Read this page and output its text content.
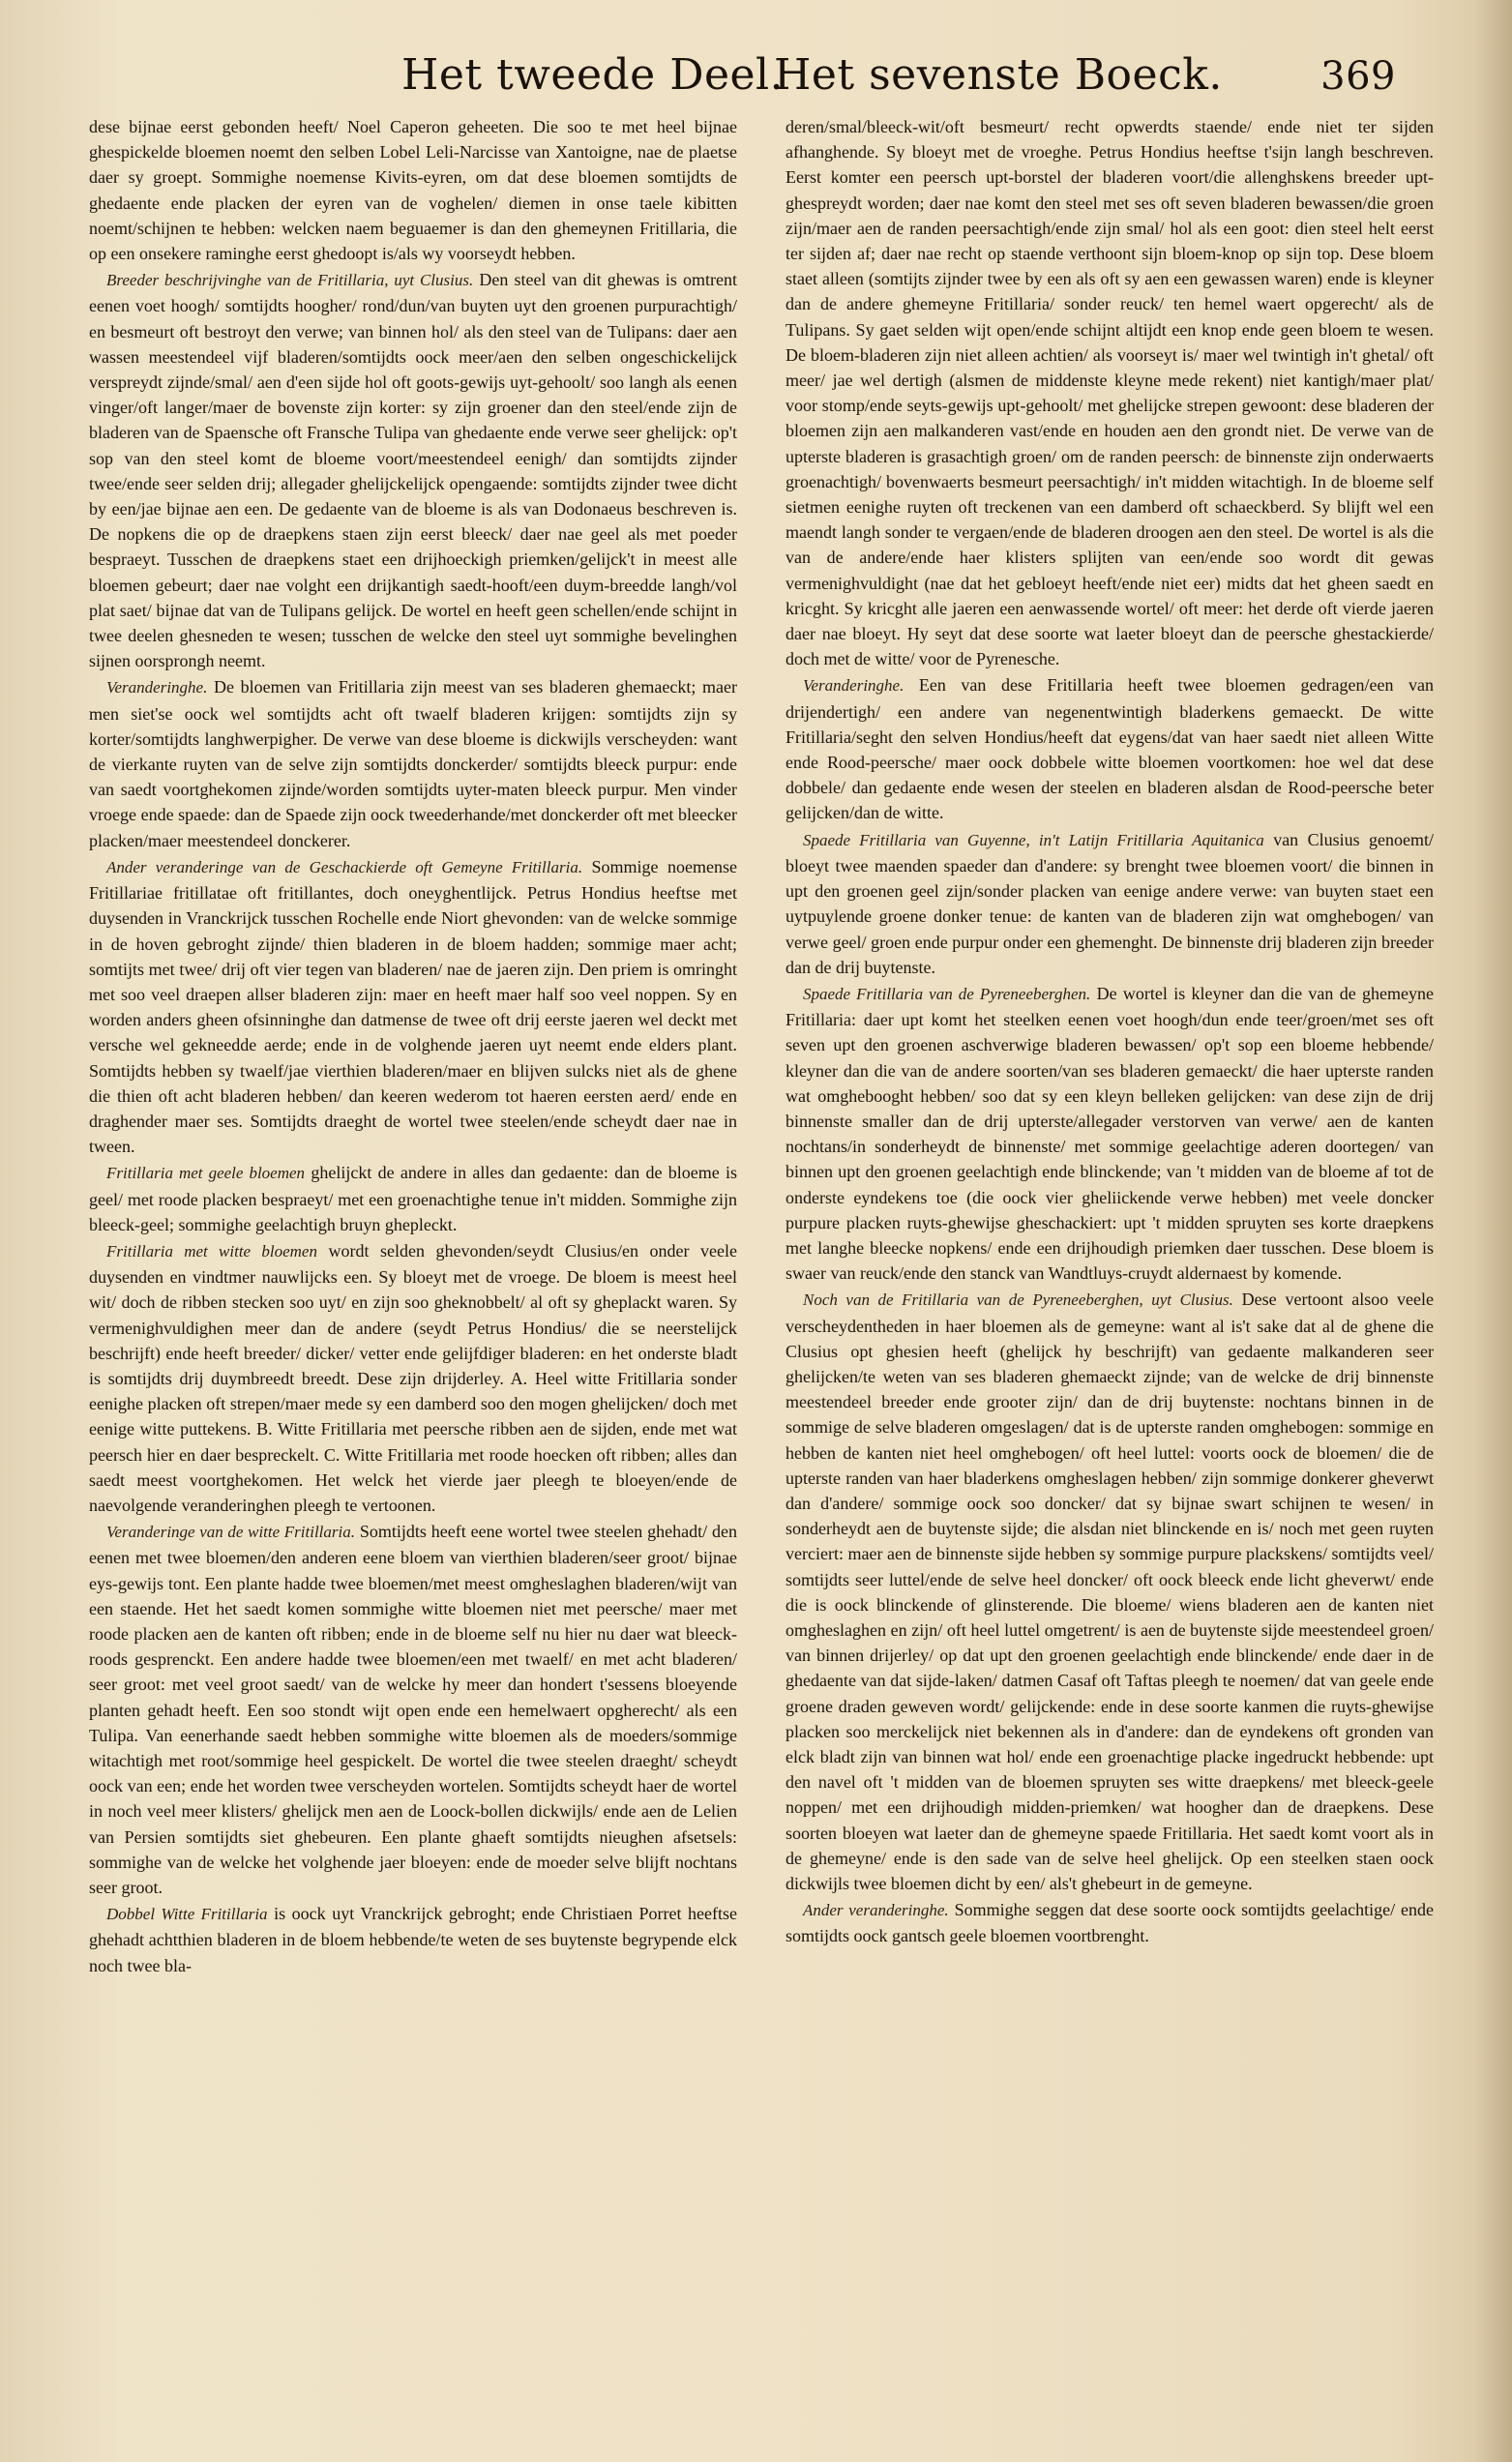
Het tweede Deel.
Het sevenste Boeck.	369

dese bijnae eerst gebonden heeft/ Noel Caperon geheeten. Die soo te met heel bijnae ghespickelde bloemen noemt den selben Lobel Leli-Narcisse van Xantoigne, nae de plaetse daer sy groept. Sommighe noemense Kivits-eyren, om dat dese bloemen somtijdts de ghedaente ende placken der eyren van de voghelen/ diemen in onse taele kibitten noemt/schijnen te hebben: welcken naem beguaemer is dan den ghemeynen Fritillaria, die op een onsekere raminghe eerst ghedoopt is/als wy voorseydt hebben.

Breeder beschrijvinghe van de Fritillaria, uyt Clusius. Den steel van dit ghewas is omtrent eenen voet hoogh/ somtijdts hoogher/ rond/dun/van buyten uyt den groenen purpurachtigh/ en besmeurt oft bestroyt den verwe; van binnen hol/ als den steel van de Tulipans: daer aen wassen meestendeel vijf bladeren/somtijdts oock meer/aen den selben ongeschickelijck verspreydt zijnde/smal/ aen d'een sijde hol oft goots-gewijs uyt-gehoolt/ soo langh als eenen vinger/oft langer/maer de bovenste zijn korter: sy zijn groener dan den steel/ende zijn de bladeren van de Spaensche oft Fransche Tulipa van ghedaente ende verwe seer ghelijck: op't sop van den steel komt de bloeme voort/meestendeel eenigh/ dan somtijdts zijnder twee/ende seer selden drij; allegader ghelijckelijck opengaende: somtijdts zijnder twee dicht by een/jae bijnae aen een. De gedaente van de bloeme is als van Dodonaeus beschreven is. De nopkens die op de draepkens staen zijn eerst bleeck/ daer nae geel als met poeder bespraeyt. Tusschen de draepkens staet een drijhoeckigh priemken/gelijck't in meest alle bloemen gebeurt; daer nae volght een drijkantigh saedt-hooft/een duym-breedde langh/vol plat saet/ bijnae dat van de Tulipans gelijck. De wortel en heeft geen schellen/ende schijnt in twee deelen ghesneden te wesen; tusschen de welcke den steel uyt sommighe bevelinghen sijnen oorsprongh neemt.

Veranderinghe. De bloemen van Fritillaria zijn meest van ses bladeren ghemaeckt; maer men siet'se oock wel somtijdts acht oft twaelf bladeren krijgen: somtijdts zijn sy korter/somtijdts langhwerpigher. De verwe van dese bloeme is dickwijls verscheyden: want de vierkante ruyten van de selve zijn somtijdts donckerder/ somtijdts bleeck purpur: ende van saedt voortghekomen zijnde/worden somtijdts uyter-maten bleeck purpur. Men vinder vroege ende spaede: dan de Spaede zijn oock tweederhande/met donckerder oft met bleecker placken/maer meestendeel donckerer.

Ander veranderinge van de Geschackierde oft Gemeyne Fritillaria. Sommige noemense Fritillariae fritillatae oft fritillantes, doch oneyghentlijck. Petrus Hondius heeftse met duysenden in Vranckrijck tusschen Rochelle ende Niort ghevonden: van de welcke sommige in de hoven gebroght zijnde/ thien bladeren in de bloem hadden; sommige maer acht; somtijts met twee/ drij oft vier tegen van bladeren/ nae de jaeren zijn. Den priem is omringht met soo veel draepen allser bladeren zijn: maer en heeft maer half soo veel noppen. Sy en worden anders gheen ofsinninghe dan datmense de twee oft drij eerste jaeren wel deckt met versche wel gekneedde aerde; ende in de volghende jaeren uyt neemt ende elders plant. Somtijdts hebben sy twaelf/jae vierthien bladeren/maer en blijven sulcks niet als de ghene die thien oft acht bladeren hebben/ dan keeren wederom tot haeren eersten aerd/ ende en draghender maer ses. Somtijdts draeght de wortel twee steelen/ende scheydt daer nae in tween.

Fritillaria met geele bloemen ghelijckt de andere in alles dan gedaente: dan de bloeme is geel/ met roode placken bespraeyt/ met een groenachtighe tenue in't midden. Sommighe zijn bleeck-geel; sommighe geelachtigh bruyn ghepleckt.

Fritillaria met witte bloemen wordt selden ghevonden/seydt Clusius/en onder veele duysenden en vindtmer nauwlijcks een. Sy bloeyt met de vroege. De bloem is meest heel wit/ doch de ribben stecken soo uyt/ en zijn soo gheknobbelt/ al oft sy gheplackt waren. Sy vermenighvuldighen meer dan de andere (seydt Petrus Hondius/ die se neerstelijck beschrijft) ende heeft breeder/ dicker/ vetter ende gelijfdiger bladeren: en het onderste bladt is somtijdts drij duymbreedt breedt. Dese zijn drijderley. A. Heel witte Fritillaria sonder eenighe placken oft strepen/maer mede sy een damberd soo den mogen ghelijcken/ doch met eenige witte puttekens. B. Witte Fritillaria met peersche ribben aen de sijden, ende met wat peersch hier en daer bespreckelt. C. Witte Fritillaria met roode hoecken oft ribben; alles dan saedt meest voortghekomen. Het welck het vierde jaer pleegh te bloeyen/ende de naevolgende veranderinghen pleegh te vertoonen.

Veranderinge van de witte Fritillaria. Somtijdts heeft eene wortel twee steelen ghehadt/ den eenen met twee bloemen/den anderen eene bloem van vierthien bladeren/seer groot/ bijnae eys-gewijs tont. Een plante hadde twee bloemen/met meest omgheslaghen bladeren/wijt van een staende. Het het saedt komen sommighe witte bloemen niet met peersche/ maer met roode placken aen de kanten oft ribben; ende in de bloeme self nu hier nu daer wat bleeck-roods gesprenckt. Een andere hadde twee bloemen/een met twaelf/ en met acht bladeren/ seer groot: met veel groot saedt/ van de welcke hy meer dan hondert t'sessens bloeyende planten gehadt heeft. Een soo stondt wijt open ende een hemelwaert opgherecht/ als een Tulipa. Van eenerhande saedt hebben sommighe witte bloemen als de moeders/sommige witachtigh met root/sommige heel gespickelt. De wortel die twee steelen draeght/ scheydt oock van een; ende het worden twee verscheyden wortelen. Somtijdts scheydt haer de wortel in noch veel meer klisters/ ghelijck men aen de Loock-bollen dickwijls/ ende aen de Lelien van Persien somtijdts siet ghebeuren. Een plante ghaeft somtijdts nieughen afsetsels: sommighe van de welcke het volghende jaer bloeyen: ende de moeder selve blijft nochtans seer groot.

Dobbel Witte Fritillaria is oock uyt Vranckrijck gebroght; ende Christiaen Porret heeftse ghehadt achtthien bladeren in de bloem hebbende/te weten de ses buytenste begrypende elck noch twee bla-

deren/smal/bleeck-wit/oft besmeurt/ recht opwerdts staende/ ende niet ter sijden afhanghende. Sy bloeyt met de vroeghe. Petrus Hondius heeftse t'sijn langh beschreven. Eerst komter een peersch upt-borstel der bladeren voort/die allenghskens breeder upt-ghespreydt worden; daer nae komt den steel met ses oft seven bladeren bewassen/die groen zijn/maer aen de randen peersachtigh/ende zijn smal/ hol als een goot: dien steel helt eerst ter sijden af; daer nae recht op staende verthoont sijn bloem-knop op sijn top. Dese bloem staet alleen (somtijts zijnder twee by een als oft sy aen een gewassen waren) ende is kleyner dan de andere ghemeyne Fritillaria/ sonder reuck/ ten hemel waert opgerecht/ als de Tulipans. Sy gaet selden wijt open/ende schijnt altijdt een knop ende geen bloem te wesen. De bloem-bladeren zijn niet alleen achtien/ als voorseyt is/ maer wel twintigh in't ghetal/ oft meer/ jae wel dertigh (alsmen de middenste kleyne mede rekent) niet kantigh/maer plat/ voor stomp/ende seyts-gewijs upt-gehoolt/ met ghelijcke strepen gewoont: dese bladeren der bloemen zijn aen malkanderen vast/ende en houden aen den grondt niet. De verwe van de upterste bladeren is grasachtigh groen/ om de randen peersch: de binnenste zijn onderwaerts groenachtigh/ bovenwaerts besmeurt peersachtigh/ in't midden witachtigh. In de bloeme self sietmen eenighe ruyten oft treckenen van een damberd oft schaeckberd. Sy blijft wel een maendt langh sonder te vergaen/ende de bladeren droogen aen den steel. De wortel is als die van de andere/ende haer klisters splijten van een/ende soo wordt dit gewas vermenighvuldight (nae dat het gebloeyt heeft/ende niet eer) midts dat het gheen saedt en kricght. Sy kricght alle jaeren een aenwassende wortel/ oft meer: het derde oft vierde jaeren daer nae bloeyt. Hy seyt dat dese soorte wat laeter bloeyt dan de peersche ghestackierde/ doch met de witte/ voor de Pyrenesche.

Veranderinghe. Een van dese Fritillaria heeft twee bloemen gedragen/een van drijendertigh/ een andere van negenentwintigh bladerkens gemaeckt. De witte Fritillaria/seght den selven Hondius/heeft dat eygens/dat van haer saedt niet alleen Witte ende Rood-peersche/ maer oock dobbele witte bloemen voortkomen: hoe wel dat dese dobbele/ dan gedaente ende wesen der steelen en bladeren alsdan de Rood-peersche beter gelijcken/dan de witte.

Spaede Fritillaria van Guyenne, in't Latijn Fritillaria Aquitanica van Clusius genoemt/ bloeyt twee maenden spaeder dan d'andere: sy brenght twee bloemen voort/ die binnen in upt den groenen geel zijn/sonder placken van eenige andere verwe: van buyten staet een uytpuylende groene donker tenue: de kanten van de bladeren zijn wat omghebogen/ van verwe geel/ groen ende purpur onder een ghemenght. De binnenste drij bladeren zijn breeder dan de drij buytenste.

Spaede Fritillaria van de Pyreneeberghen. De wortel is kleyner dan die van de ghemeyne Fritillaria: daer upt komt het steelken eenen voet hoogh/dun ende teer/groen/met ses oft seven upt den groenen aschverwige bladeren bewassen/ op't sop een bloeme hebbende/ kleyner dan die van de andere soorten/van ses bladeren gemaeckt/ die haer upterste randen wat omghebooght hebben/ soo dat sy een kleyn belleken gelijcken: van dese zijn de drij binnenste smaller dan de drij upterste/allegader verstorven van verwe/ aen de kanten nochtans/in sonderheydt de binnenste/ met sommige geelachtige aderen doortegen/ van binnen upt den groenen geelachtigh ende blinckende; van 't midden van de bloeme af tot de onderste eyndekens toe (die oock vier gheliickende verwe hebben) met veele doncker purpure placken ruyts-ghewijse gheschackiert: upt 't midden spruyten ses korte draepkens met langhe bleecke nopkens/ ende een drijhoudigh priemken daer tusschen. Dese bloem is swaer van reuck/ende den stanck van Wandtluys-cruydt aldernaest by komende.

Noch van de Fritillaria van de Pyreneeberghen, uyt Clusius. Dese vertoont alsoo veele verscheydentheden in haer bloemen als de gemeyne: want al is't sake dat al de ghene die Clusius opt ghesien heeft (ghelijck hy beschrijft) van gedaente malkanderen seer ghelijcken/te weten van ses bladeren ghemaeckt zijnde; van de welcke de drij binnenste meestendeel breeder ende grooter zijn/ dan de drij buytenste: nochtans binnen in de sommige de selve bladeren omgeslagen/ dat is de upterste randen omghebogen: sommige en hebben de kanten niet heel omghebogen/ oft heel luttel: voorts oock de bloemen/ die de upterste randen van haer bladerkens omgheslagen hebben/ zijn sommige donkerer gheverwt dan d'andere/ sommige oock soo doncker/ dat sy bijnae swart schijnen te wesen/ in sonderheydt aen de buytenste sijde; die alsdan niet blinckende en is/ noch met geen ruyten verciert: maer aen de binnenste sijde hebben sy sommige purpure plackskens/ somtijdts veel/ somtijdts seer luttel/ende de selve heel doncker/ oft oock bleeck ende licht gheverwt/ ende die is oock blinckende of glinsterende. Die bloeme/ wiens bladeren aen de kanten niet omgheslaghen en zijn/ oft heel luttel omgetrent/ is aen de buytenste sijde meestendeel groen/ van binnen drijerley/ op dat upt den groenen geelachtigh ende blinckende/ ende daer in de ghedaente van dat sijde-laken/ datmen Casaf oft Taftas pleegh te noemen/ dat van geele ende groene draden geweven wordt/ gelijckende: ende in dese soorte kanmen die ruyts-ghewijse placken soo merckelijck niet bekennen als in d'andere: dan de eyndekens oft gronden van elck bladt zijn van binnen wat hol/ ende een groenachtige placke ingedruckt hebbende: upt den navel oft 't midden van de bloemen spruyten ses witte draepkens/ met bleeck-geele noppen/ met een drijhoudigh midden-priemken/ wat hoogher dan de draepkens. Dese soorten bloeyen wat laeter dan de ghemeyne spaede Fritillaria. Het saedt komt voort als in de ghemeyne/ ende is den sade van de selve heel ghelijck. Op een steelken staen oock dickwijls twee bloemen dicht by een/ als't ghebeurt in de gemeyne.

Ander veranderinghe. Sommighe seggen dat dese soorte oock somtijdts geelachtige/ ende somtijdts oock gantsch geele bloemen voortbrenght.
